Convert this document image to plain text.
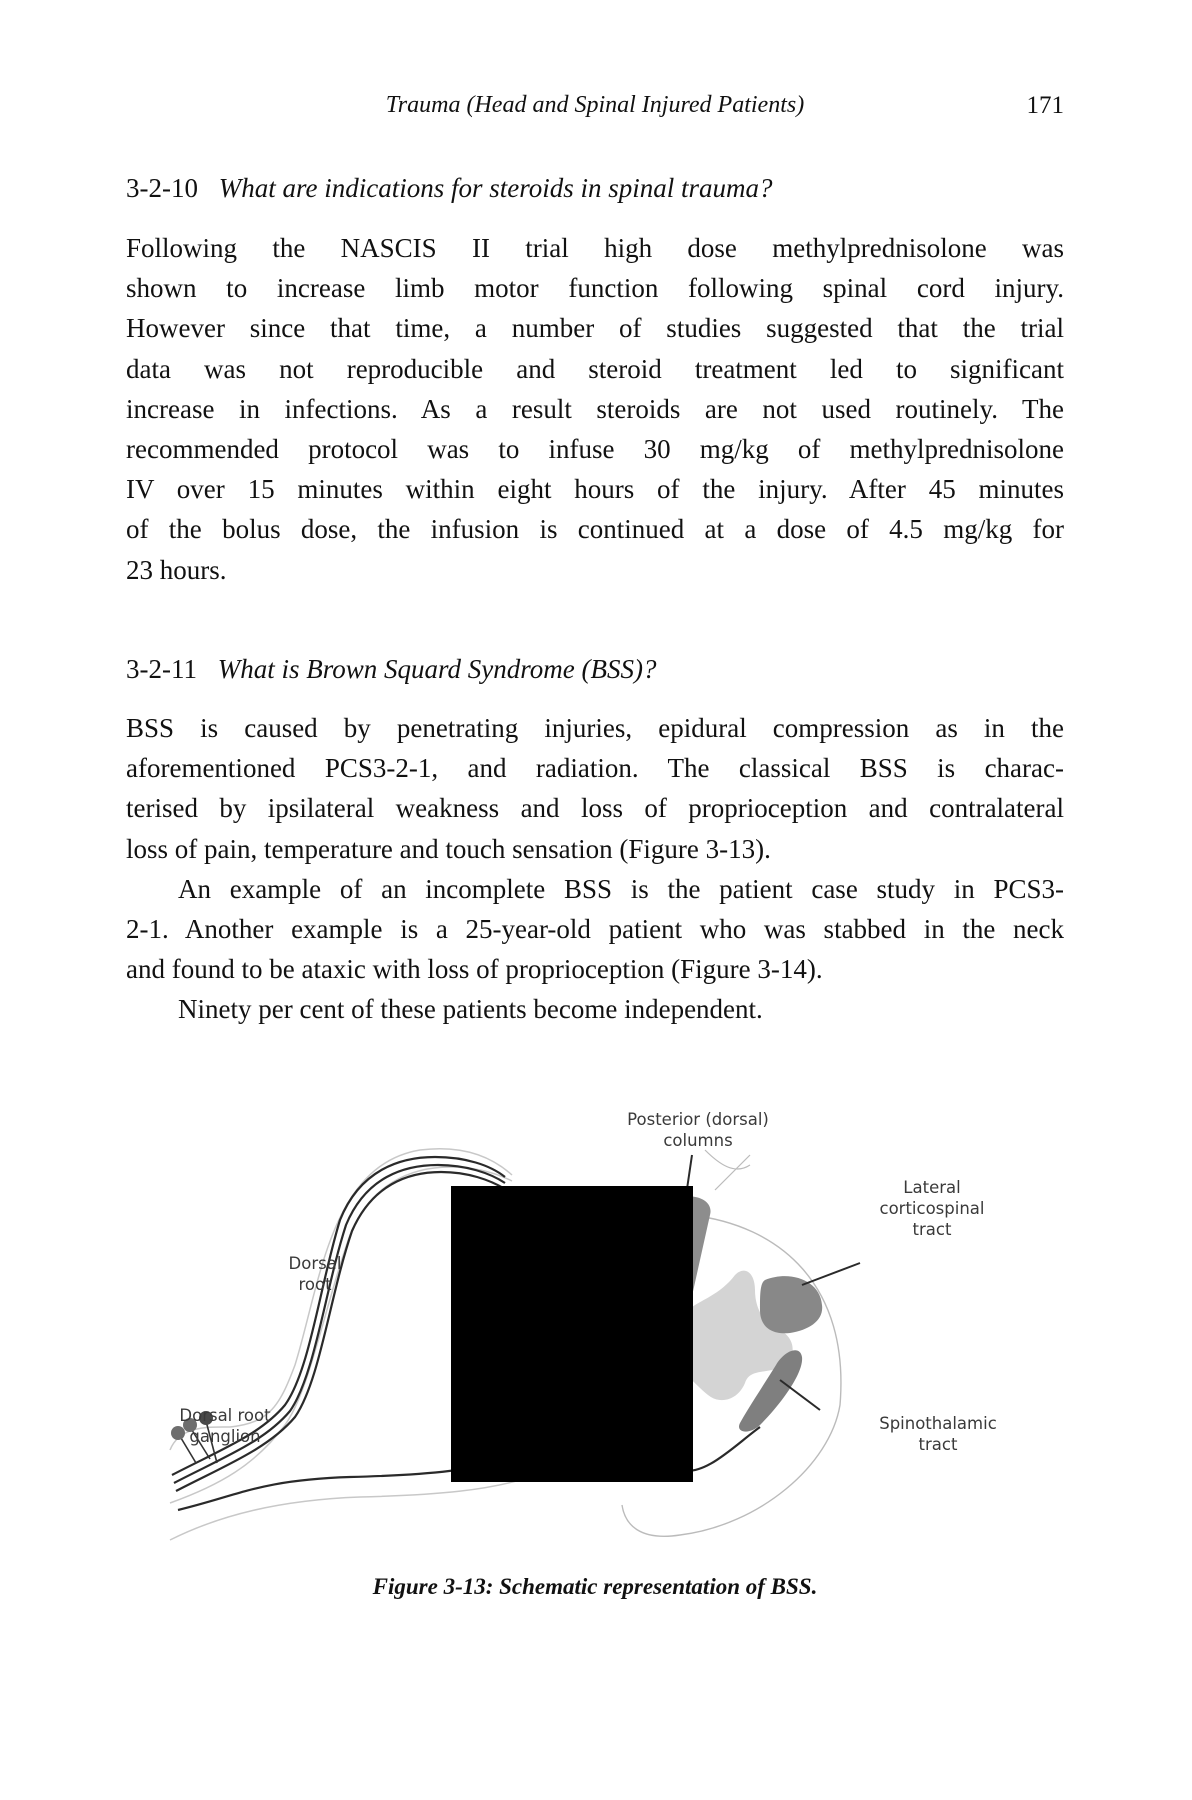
Trauma (Head and Spinal Injured Patients)	171
3-2-10 What are indications for steroids in spinal trauma?

Following the NASCIS II trial high dose methylprednisolone was
shown to increase limb motor function following spinal cord injury.
However since that time, a number of studies suggested that the trial
data was not reproducible and steroid treatment led to significant
increase in infections. As a result steroids are not used routinely. The
recommended protocol was to infuse 30 mg/kg of methylprednisolone
IV over 15 minutes within eight hours of the injury. After 45 minutes
of the bolus dose, the infusion is continued at a dose of 4.5 mg/kg for
23 hours.

3-2-11 What is Brown Squard Syndrome (BSS)?

BSS is caused by penetrating injuries, epidural compression as in the
aforementioned PCS3-2-1, and radiation. The classical BSS is charac-
terised by ipsilateral weakness and loss of proprioception and contralateral
loss of pain, temperature and touch sensation (Figure 3-13).
An example of an incomplete BSS is the patient case study in PCS3-
2-1. Another example is a 25-year-old patient who was stabbed in the neck
and found to be ataxic with loss of proprioception (Figure 3-14).
Ninety per cent of these patients become independent.

Posterior (dorsal)
columns
Lateral
corticospinal
tract
Dorsal
root
Dorsal root
ganglion
Spinothalamic
tract
Figure 3-13: Schematic representation of BSS.
